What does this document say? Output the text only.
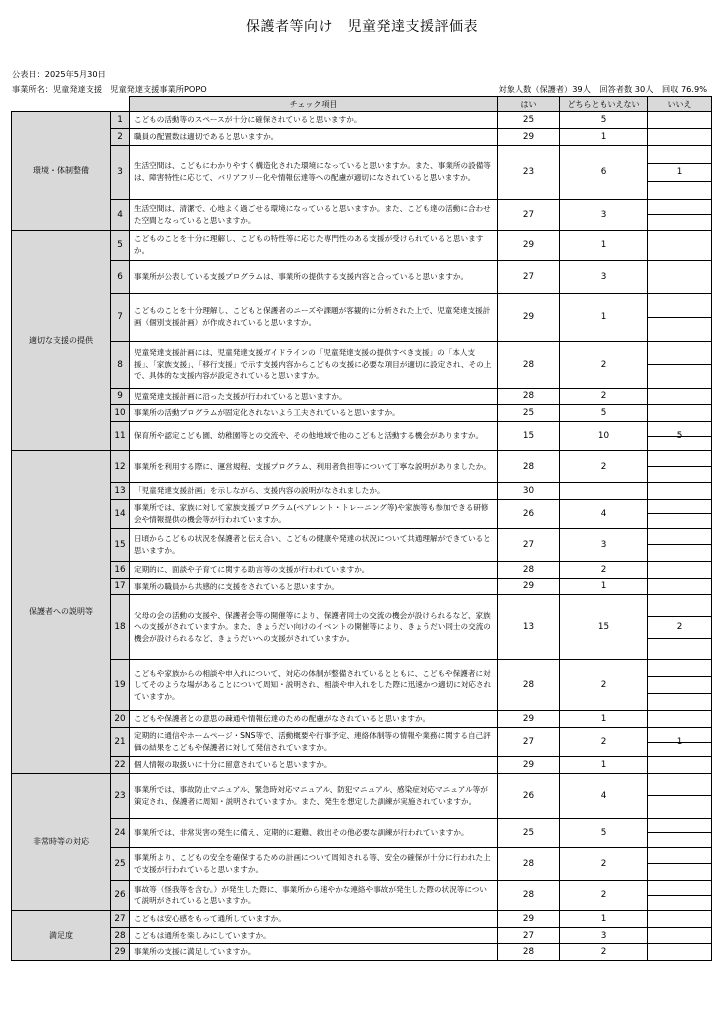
保護者等向け　児童発達支援評価表
公表日：2025年5月30日
事業所名：児童発達支援　児童発達支援事業所POPO	対象人数（保護者）39人 回答者数 30人 回収 76.9%
		チェック項目	はい	どちらともいえない	いいえ
環境・体制整備	1	こどもの活動等のスペースが十分に確保されていると思いますか。	25	5	

	2	職員の配置数は適切であると思いますか。	29	1	

	3	生活空間は、こどもにわかりやすく構造化された環境になっていると思いますか。また、事業所の設備等は、障害特性に応じて、バリアフリー化や情報伝達等への配慮が適切になされていると思いますか。	23	6	1

	4	生活空間は、清潔で、心地よく過ごせる環境になっていると思いますか。また、こども達の活動に合わせた空間となっていると思いますか。	27	3	

適切な支援の提供	5	こどものことを十分に理解し、こどもの特性等に応じた専門性のある支援が受けられていると思いますか。	29	1	

	6	事業所が公表している支援プログラムは、事業所の提供する支援内容と合っていると思いますか。	27	3	

	7	こどものことを十分理解し、こどもと保護者のニーズや課題が客観的に分析された上で、児童発達支援計画（個別支援計画）が作成されていると思いますか。	29	1	

	8	児童発達支援計画には、児童発達支援ガイドラインの「児童発達支援の提供すべき支援」の「本人支援」、「家族支援」、「移行支援」で示す支援内容からこどもの支援に必要な項目が適切に設定され、その上で、具体的な支援内容が設定されていると思いますか。	28	2	

	9	児童発達支援計画に沿った支援が行われていると思いますか。	28	2	

	10	事業所の活動プログラムが固定化されないよう工夫されていると思いますか。	25	5	

	11	保育所や認定こども園、幼稚園等との交流や、その他地域で他のこどもと活動する機会がありますか。	15	10	5

保護者への説明等	12	事業所を利用する際に、運営規程、支援プログラム、利用者負担等について丁寧な説明がありましたか。	28	2	

	13	「児童発達支援計画」を示しながら、支援内容の説明がなされましたか。	30		

	14	事業所では、家族に対して家族支援プログラム(ペアレント・トレーニング等)や家族等も参加できる研修会や情報提供の機会等が行われていますか。	26	4	

	15	日頃からこどもの状況を保護者と伝え合い、こどもの健康や発達の状況について共通理解ができていると思いますか。	27	3	

	16	定期的に、面談や子育てに関する助言等の支援が行われていますか。	28	2	

	17	事業所の職員から共感的に支援をされていると思いますか。	29	1	

	18	父母の会の活動の支援や、保護者会等の開催等により、保護者同士の交流の機会が設けられるなど、家族への支援がされていますか。また、きょうだい向けのイベントの開催等により、きょうだい同士の交流の機会が設けられるなど、きょうだいへの支援がされていますか。	13	15	2

	19	こどもや家族からの相談や申入れについて、対応の体制が整備されているとともに、こどもや保護者に対してそのような場があることについて周知・説明され、相談や申入れをした際に迅速かつ適切に対応されていますか。	28	2	

	20	こどもや保護者との意思の疎通や情報伝達のための配慮がなされていると思いますか。	29	1	

	21	定期的に通信やホームページ・SNS等で、活動概要や行事予定、連絡体制等の情報や業務に関する自己評価の結果をこどもや保護者に対して発信されていますか。	27	2	1

	22	個人情報の取扱いに十分に留意されていると思いますか。	29	1	

非常時等の対応	23	事業所では、事故防止マニュアル、緊急時対応マニュアル、防犯マニュアル、感染症対応マニュアル等が策定され、保護者に周知・説明されていますか。また、発生を想定した訓練が実施されていますか。	26	4	

	24	事業所では、非常災害の発生に備え、定期的に避難、救出その他必要な訓練が行われていますか。	25	5	

	25	事業所より、こどもの安全を確保するための計画について周知される等、安全の確保が十分に行われた上で支援が行われていると思いますか。	28	2	

	26	事故等（怪我等を含む。）が発生した際に、事業所から速やかな連絡や事故が発生した際の状況等について説明がされていると思いますか。	28	2	

満足度	27	こどもは安心感をもって通所していますか。	29	1	

	28	こどもは通所を楽しみにしていますか。	27	3	

	29	事業所の支援に満足していますか。	28	2	
